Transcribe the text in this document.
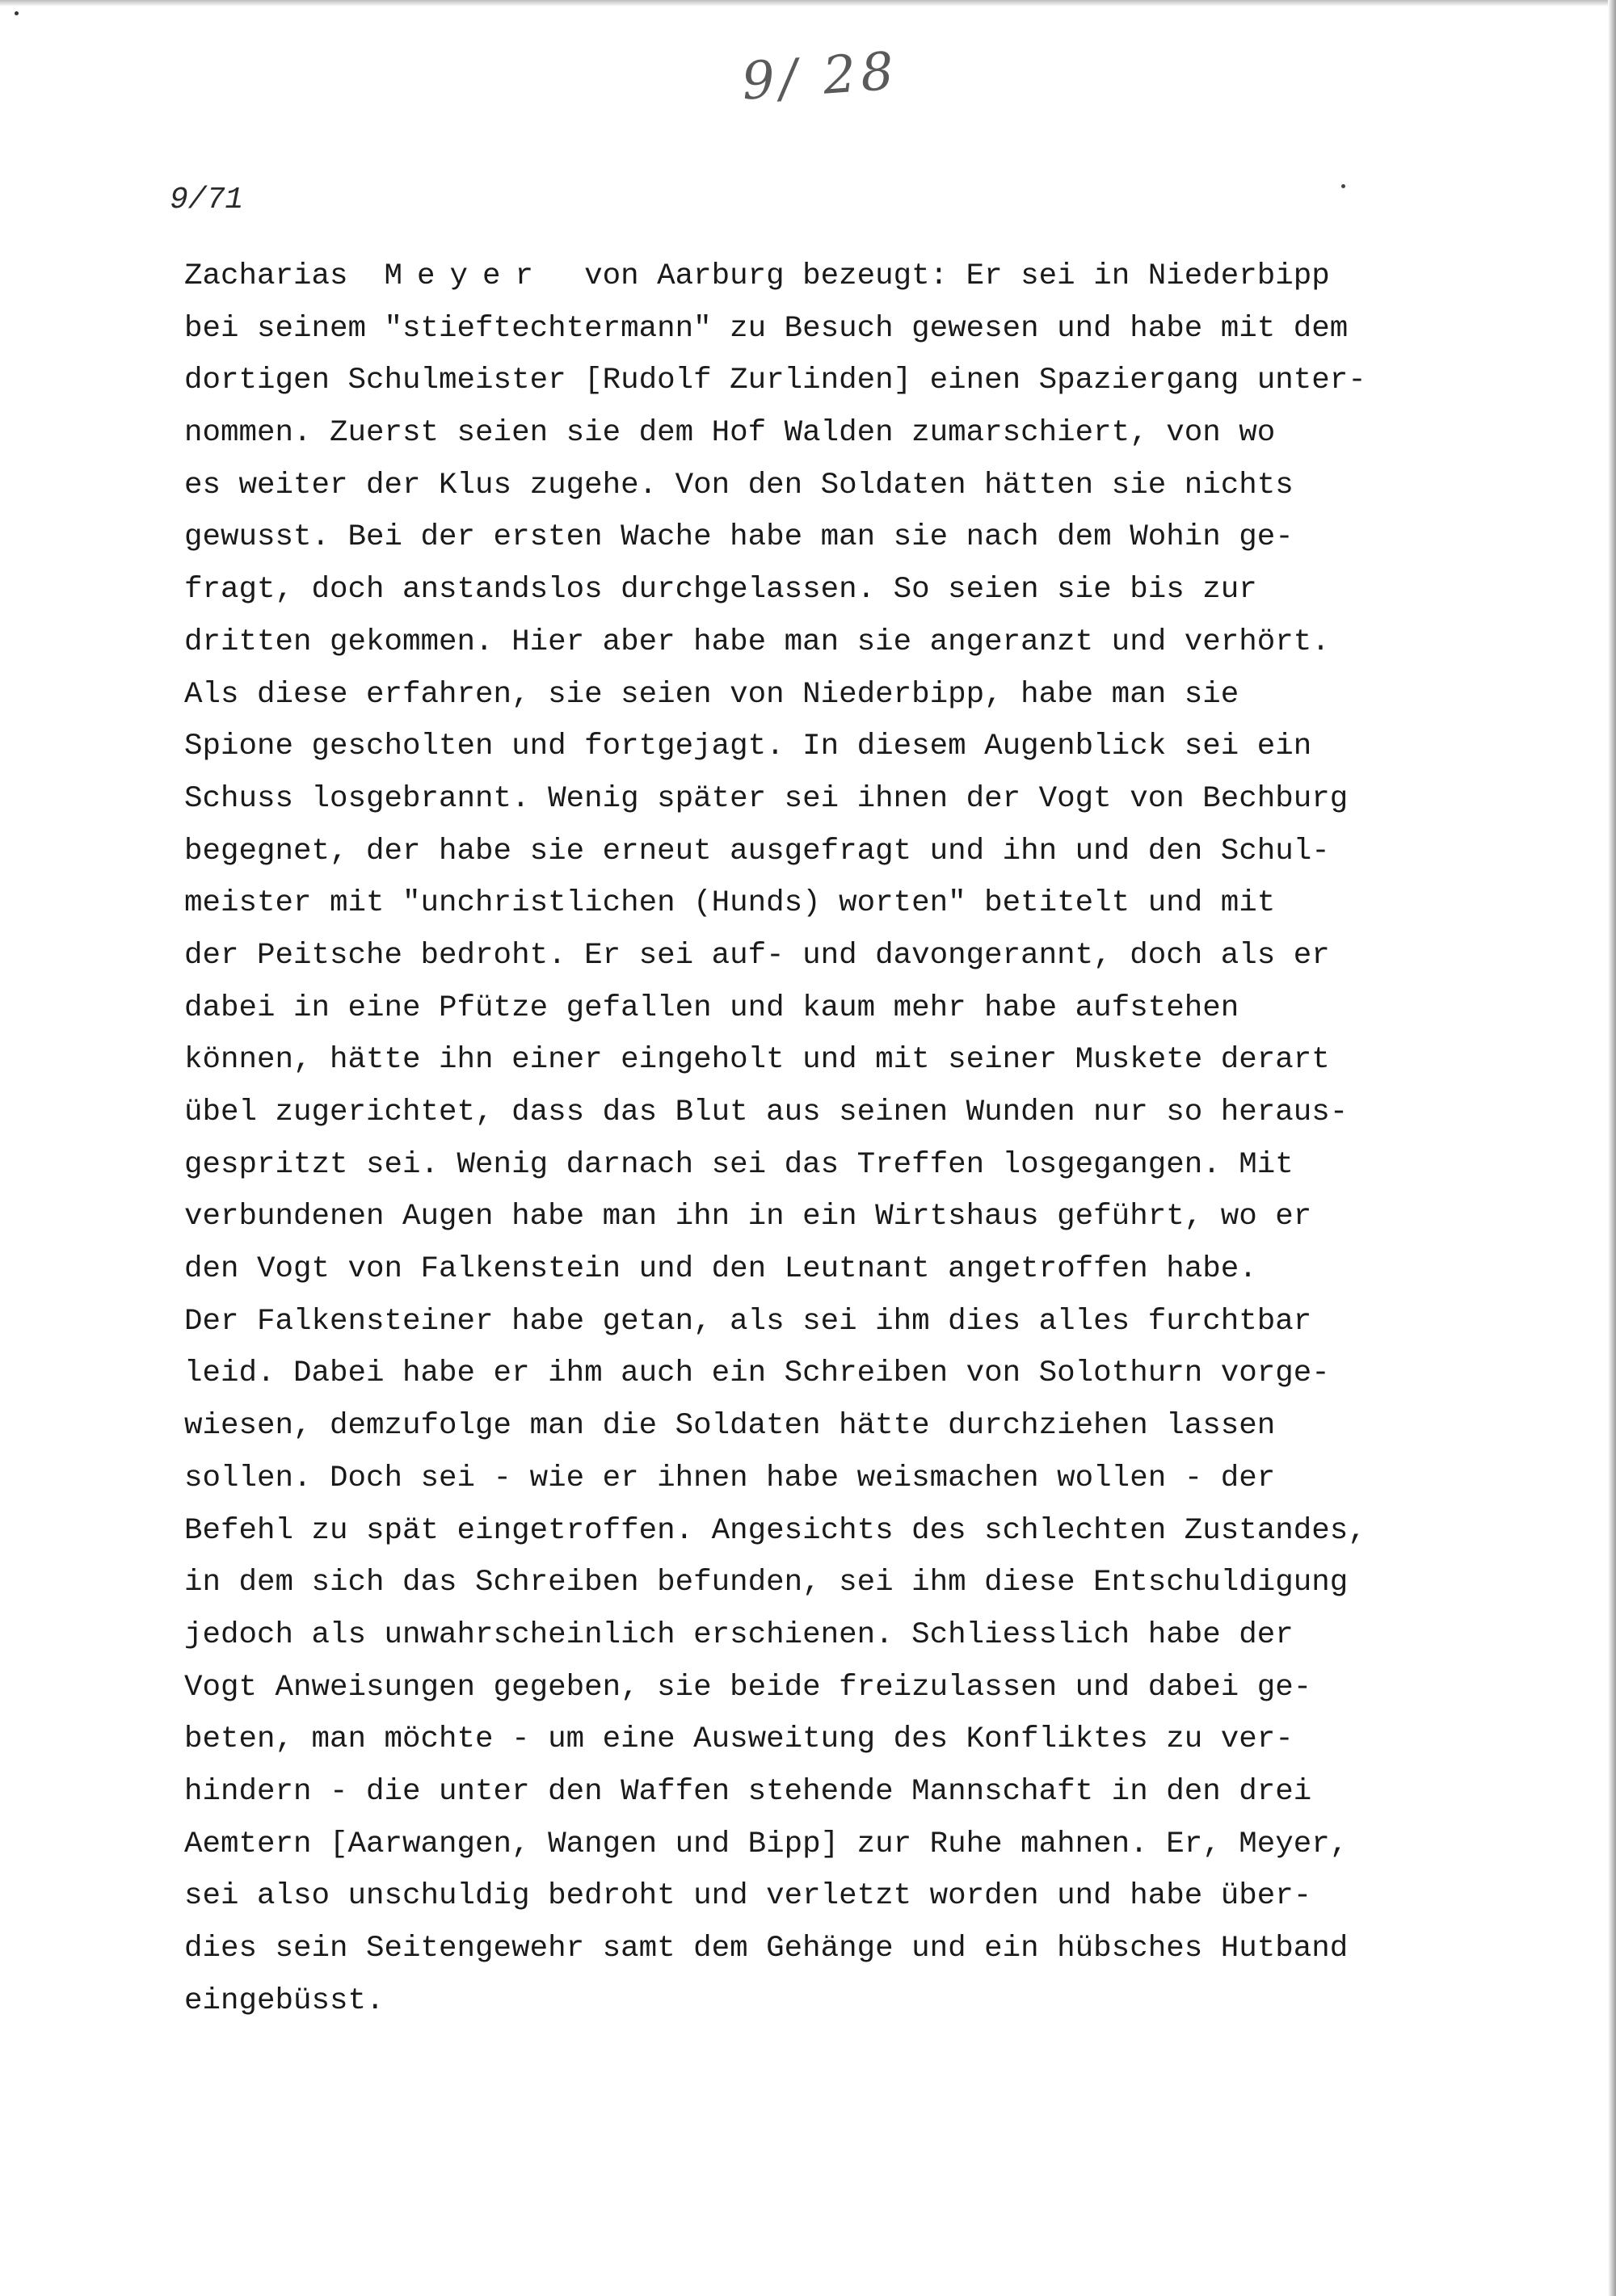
9/ 28
9/71
Zacharias  Meyer  von Aarburg bezeugt: Er sei in Niederbipp
bei seinem "stieftechtermann" zu Besuch gewesen und habe mit dem
dortigen Schulmeister [Rudolf Zurlinden] einen Spaziergang unter-
nommen. Zuerst seien sie dem Hof Walden zumarschiert, von wo
es weiter der Klus zugehe. Von den Soldaten hätten sie nichts
gewusst. Bei der ersten Wache habe man sie nach dem Wohin ge-
fragt, doch anstandslos durchgelassen. So seien sie bis zur
dritten gekommen. Hier aber habe man sie angeranzt und verhört.
Als diese erfahren, sie seien von Niederbipp, habe man sie
Spione gescholten und fortgejagt. In diesem Augenblick sei ein
Schuss losgebrannt. Wenig später sei ihnen der Vogt von Bechburg
begegnet, der habe sie erneut ausgefragt und ihn und den Schul-
meister mit "unchristlichen (Hunds) worten" betitelt und mit
der Peitsche bedroht. Er sei auf- und davongerannt, doch als er
dabei in eine Pfütze gefallen und kaum mehr habe aufstehen
können, hätte ihn einer eingeholt und mit seiner Muskete derart
übel zugerichtet, dass das Blut aus seinen Wunden nur so heraus-
gespritzt sei. Wenig darnach sei das Treffen losgegangen. Mit
verbundenen Augen habe man ihn in ein Wirtshaus geführt, wo er
den Vogt von Falkenstein und den Leutnant angetroffen habe.
Der Falkensteiner habe getan, als sei ihm dies alles furchtbar
leid. Dabei habe er ihm auch ein Schreiben von Solothurn vorge-
wiesen, demzufolge man die Soldaten hätte durchziehen lassen
sollen. Doch sei - wie er ihnen habe weismachen wollen - der
Befehl zu spät eingetroffen. Angesichts des schlechten Zustandes,
in dem sich das Schreiben befunden, sei ihm diese Entschuldigung
jedoch als unwahrscheinlich erschienen. Schliesslich habe der
Vogt Anweisungen gegeben, sie beide freizulassen und dabei ge-
beten, man möchte - um eine Ausweitung des Konfliktes zu ver-
hindern - die unter den Waffen stehende Mannschaft in den drei
Aemtern [Aarwangen, Wangen und Bipp] zur Ruhe mahnen. Er, Meyer,
sei also unschuldig bedroht und verletzt worden und habe über-
dies sein Seitengewehr samt dem Gehänge und ein hübsches Hutband
eingebüsst.
